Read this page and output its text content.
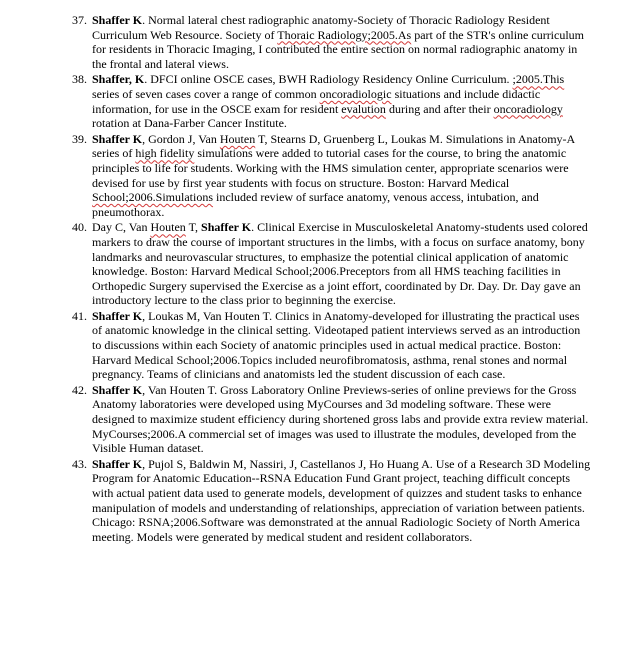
37. Shaffer K. Normal lateral chest radiographic anatomy-Society of Thoracic Radiology Resident Curriculum Web Resource. Society of Thoraic Radiology;2005.As part of the STR's online curriculum for residents in Thoracic Imaging, I contributed the entire section on normal radiographic anatomy in the frontal and lateral views.
38. Shaffer, K. DFCI online OSCE cases, BWH Radiology Residency Online Curriculum. ;2005.This series of seven cases cover a range of common oncoradiologic situations and include didactic information, for use in the OSCE exam for resident evalution during and after their oncoradiology rotation at Dana-Farber Cancer Institute.
39. Shaffer K, Gordon J, Van Houten T, Stearns D, Gruenberg L, Loukas M. Simulations in Anatomy-A series of high fidelity simulations were added to tutorial cases for the course, to bring the anatomic principles to life for students. Working with the HMS simulation center, appropriate scenarios were devised for use by first year students with focus on structure. Boston: Harvard Medical School;2006.Simulations included review of surface anatomy, venous access, intubation, and pneumothorax.
40. Day C, Van Houten T, Shaffer K. Clinical Exercise in Musculoskeletal Anatomy-students used colored markers to draw the course of important structures in the limbs, with a focus on surface anatomy, bony landmarks and neurovascular structures, to emphasize the potential clinical application of anatomic knowledge. Boston: Harvard Medical School;2006.Preceptors from all HMS teaching facilities in Orthopedic Surgery supervised the Exercise as a joint effort, coordinated by Dr. Day. Dr. Day gave an introductory lecture to the class prior to beginning the exercise.
41. Shaffer K, Loukas M, Van Houten T. Clinics in Anatomy-developed for illustrating the practical uses of anatomic knowledge in the clinical setting. Videotaped patient interviews served as an introduction to discussions within each Society of anatomic principles used in actual medical practice. Boston: Harvard Medical School;2006.Topics included neurofibromatosis, asthma, renal stones and normal pregnancy. Teams of clinicians and anatomists led the student discussion of each case.
42. Shaffer K, Van Houten T. Gross Laboratory Online Previews-series of online previews for the Gross Anatomy laboratories were developed using MyCourses and 3d modeling software. These were designed to maximize student efficiency during shortened gross labs and provide extra review material. MyCourses;2006.A commercial set of images was used to illustrate the modules, developed from the Visible Human dataset.
43. Shaffer K, Pujol S, Baldwin M, Nassiri, J, Castellanos J, Ho Huang A. Use of a Research 3D Modeling Program for Anatomic Education--RSNA Education Fund Grant project, teaching difficult concepts with actual patient data used to generate models, development of quizzes and student tasks to enhance manipulation of models and understanding of relationships, appreciation of variation between patients. Chicago: RSNA;2006.Software was demonstrated at the annual Radiologic Society of North America meeting. Models were generated by medical student and resident collaborators.
